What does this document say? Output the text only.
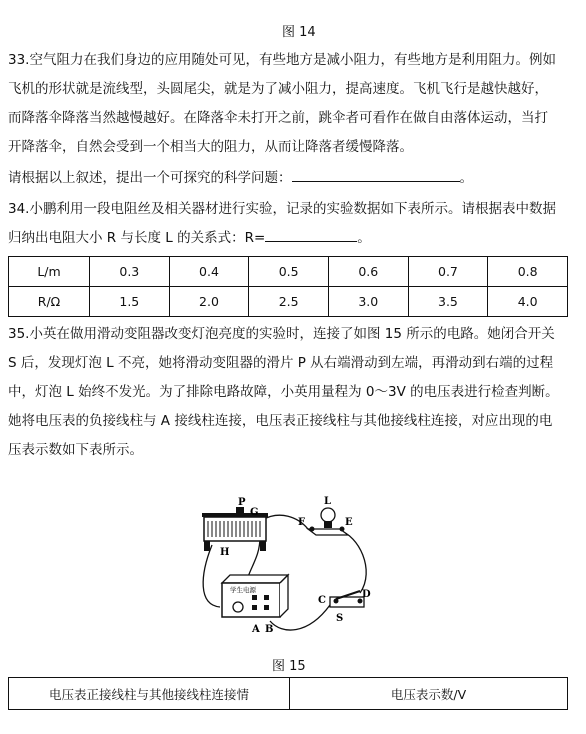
图 14
33.空气阻力在我们身边的应用随处可见，有些地方是减小阻力，有些地方是利用阻力。例如
飞机的形状就是流线型，头圆尾尖，就是为了减小阻力，提高速度。飞机飞行是越快越好，
而降落伞降落当然越慢越好。在降落伞未打开之前，跳伞者可看作在做自由落体运动，当打
开降落伞，自然会受到一个相当大的阻力，从而让降落者缓慢降落。
请根据以上叙述，提出一个可探究的科学问题：	。
34.小鹏利用一段电阻丝及相关器材进行实验，记录的实验数据如下表所示。请根据表中数据
归纳出电阻大小 R 与长度 L 的关系式：R=	。
L/m	0.3	0.4	0.5	0.6	0.7	0.8
R/Ω	1.5	2.0	2.5	3.0	3.5	4.0
35.小英在做用滑动变阻器改变灯泡亮度的实验时，连接了如图 15 所示的电路。她闭合开关
S 后，发现灯泡 L 不亮，她将滑动变阻器的滑片 P 从右端滑动到左端，再滑动到右端的过程
中，灯泡 L 始终不发光。为了排除电路故障，小英用量程为 0～3V 的电压表进行检查判断。
她将电压表的负接线柱与 A 接线柱连接，电压表正接线柱与其他接线柱连接，对应出现的电
压表示数如下表所示。
学生电源
P
G
H
L
F	E
C
D
S
A B
图 15
电压表正接线柱与其他接线柱连接情	电压表示数/V
